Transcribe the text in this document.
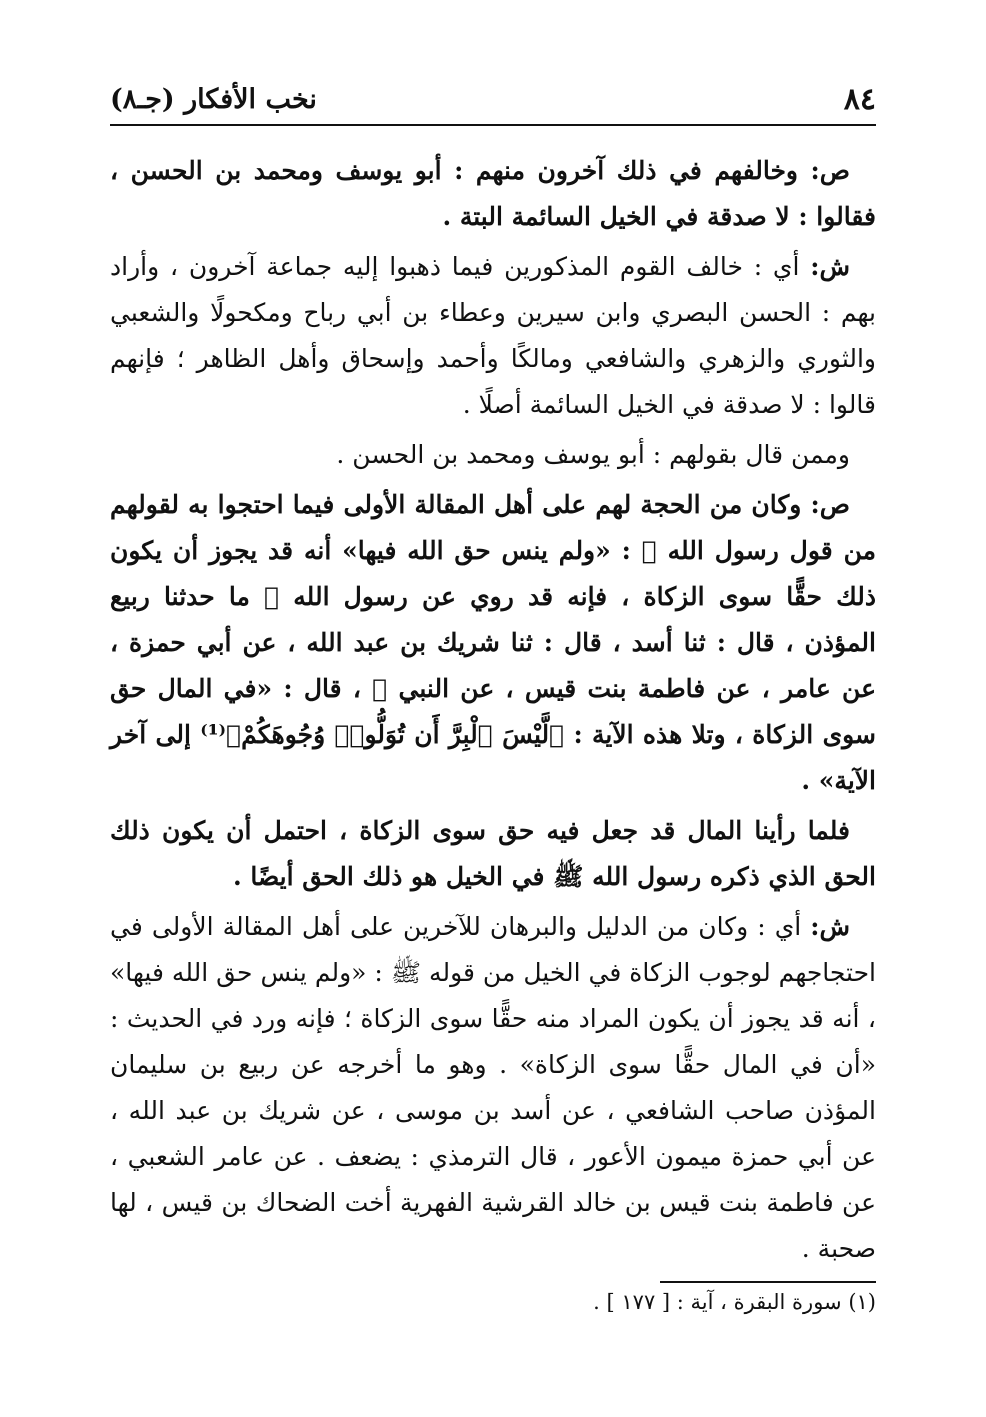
٨٤
نخب الأفكار (جـ٨)

ص: وخالفهم في ذلك آخرون منهم : أبو يوسف ومحمد بن الحسن ، فقالوا : لا صدقة في الخيل السائمة البتة .

ش: أي : خالف القوم المذكورين فيما ذهبوا إليه جماعة آخرون ، وأراد بهم : الحسن البصري وابن سيرين وعطاء بن أبي رباح ومكحولًا والشعبي والثوري والزهري والشافعي ومالكًا وأحمد وإسحاق وأهل الظاهر ؛ فإنهم قالوا : لا صدقة في الخيل السائمة أصلًا .

وممن قال بقولهم : أبو يوسف ومحمد بن الحسن .

ص: وكان من الحجة لهم على أهل المقالة الأولى فيما احتجوا به لقولهم من قول رسول الله ﷺ : «ولم ينس حق الله فيها» أنه قد يجوز أن يكون ذلك حقًّا سوى الزكاة ، فإنه قد روي عن رسول الله ﷺ ما حدثنا ربيع المؤذن ، قال : ثنا أسد ، قال : ثنا شريك بن عبد الله ، عن أبي حمزة ، عن عامر ، عن فاطمة بنت قيس ، عن النبي ﷺ ، قال : «في المال حق سوى الزكاة ، وتلا هذه الآية : ﴿لَّيْسَ ٱلْبِرَّ أَن تُوَلُّوا۟ وُجُوهَكُمْ﴾⁽¹⁾ إلى آخر الآية» .

فلما رأينا المال قد جعل فيه حق سوى الزكاة ، احتمل أن يكون ذلك الحق الذي ذكره رسول الله ﷺ في الخيل هو ذلك الحق أيضًا .

ش: أي : وكان من الدليل والبرهان للآخرين على أهل المقالة الأولى في احتجاجهم لوجوب الزكاة في الخيل من قوله ﷺ : «ولم ينس حق الله فيها» ، أنه قد يجوز أن يكون المراد منه حقًّا سوى الزكاة ؛ فإنه ورد في الحديث : «أن في المال حقًّا سوى الزكاة» . وهو ما أخرجه عن ربيع بن سليمان المؤذن صاحب الشافعي ، عن أسد بن موسى ، عن شريك بن عبد الله ، عن أبي حمزة ميمون الأعور ، قال الترمذي : يضعف . عن عامر الشعبي ، عن فاطمة بنت قيس بن خالد القرشية الفهرية أخت الضحاك بن قيس ، لها صحبة .

(١) سورة البقرة ، آية : [ ١٧٧ ] .
